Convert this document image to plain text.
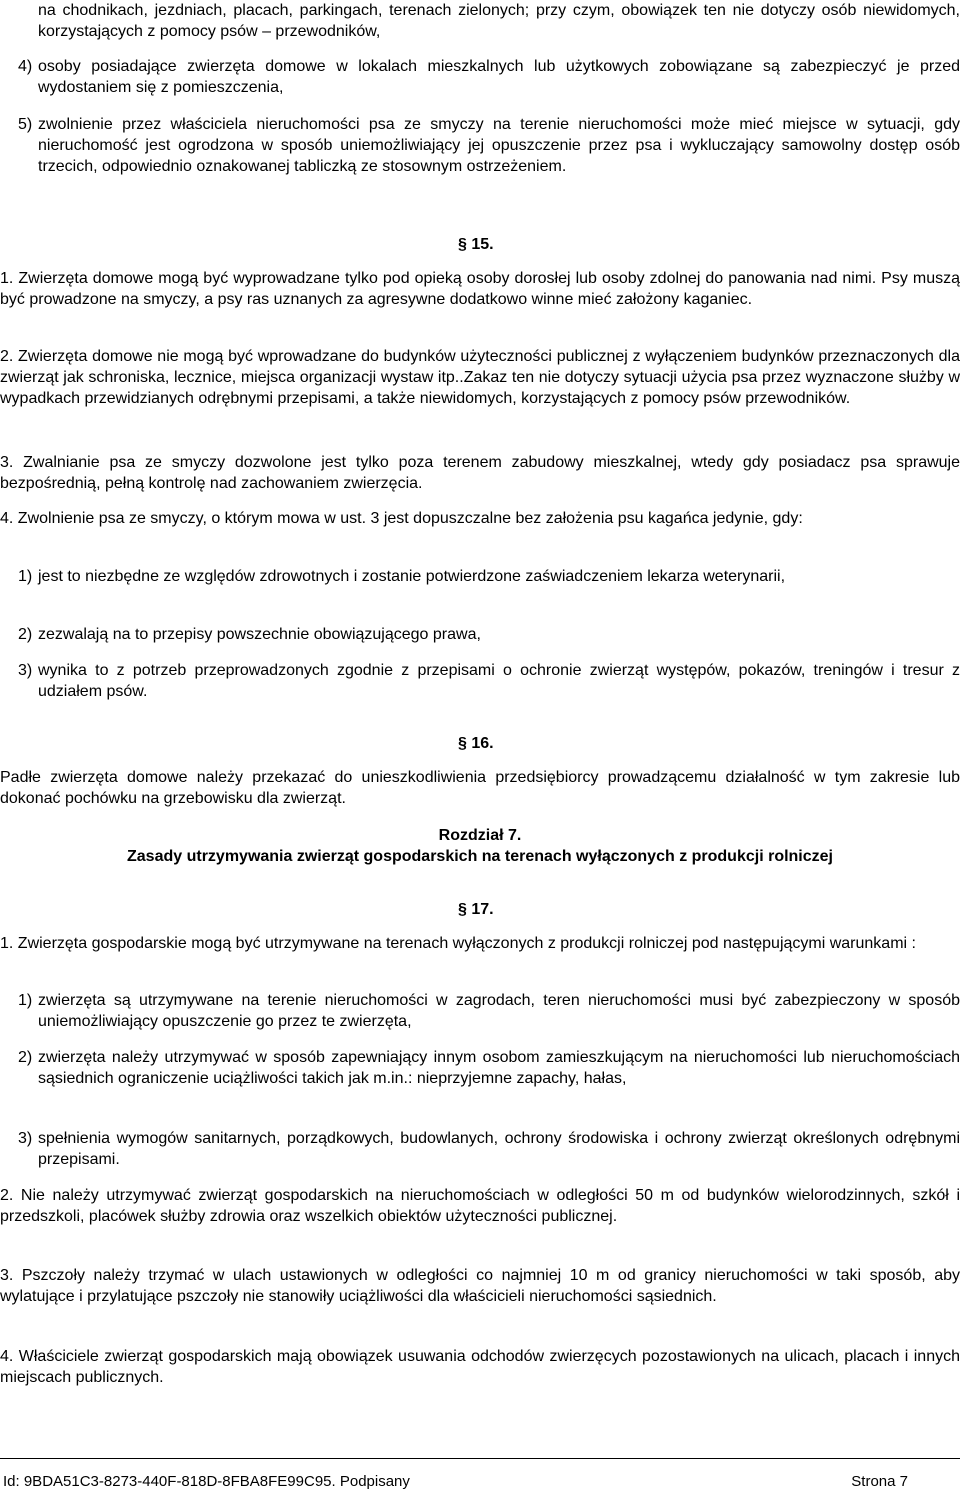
na chodnikach, jezdniach, placach, parkingach, terenach zielonych; przy czym, obowiązek ten nie dotyczy osób niewidomych, korzystających z pomocy psów – przewodników,

4) osoby posiadające zwierzęta domowe w lokalach mieszkalnych lub użytkowych zobowiązane są zabezpieczyć je przed wydostaniem się z pomieszczenia,

5) zwolnienie przez właściciela nieruchomości psa ze smyczy na terenie nieruchomości może mieć miejsce w sytuacji, gdy nieruchomość jest ogrodzona w sposób uniemożliwiający jej opuszczenie przez psa i wykluczający samowolny dostęp osób trzecich, odpowiednio oznakowanej tabliczką ze stosownym ostrzeżeniem.

§ 15.

1. Zwierzęta domowe mogą być wyprowadzane tylko pod opieką osoby dorosłej lub osoby zdolnej do panowania nad nimi. Psy muszą być prowadzone na smyczy, a psy ras uznanych za agresywne dodatkowo winne mieć założony kaganiec.

2. Zwierzęta domowe nie mogą być wprowadzane do budynków użyteczności publicznej z wyłączeniem budynków przeznaczonych dla zwierząt jak schroniska, lecznice, miejsca organizacji wystaw itp..Zakaz ten nie dotyczy sytuacji użycia psa przez wyznaczone służby w wypadkach przewidzianych odrębnymi przepisami, a także niewidomych, korzystających z pomocy psów przewodników.

3. Zwalnianie psa ze smyczy dozwolone jest tylko poza terenem zabudowy mieszkalnej, wtedy gdy posiadacz psa sprawuje bezpośrednią, pełną kontrolę nad zachowaniem zwierzęcia.

4. Zwolnienie psa ze smyczy, o którym mowa w ust. 3 jest dopuszczalne bez założenia psu kagańca jedynie, gdy:

1) jest to niezbędne ze względów zdrowotnych i zostanie potwierdzone zaświadczeniem lekarza weterynarii,

2) zezwalają na to przepisy powszechnie obowiązującego prawa,

3) wynika to z potrzeb przeprowadzonych zgodnie z przepisami o ochronie zwierząt występów, pokazów, treningów i tresur z udziałem psów.

§ 16.

Padłe zwierzęta domowe należy przekazać do unieszkodliwienia przedsiębiorcy prowadzącemu działalność w tym zakresie lub dokonać pochówku na grzebowisku dla zwierząt.

Rozdział 7.
Zasady utrzymywania zwierząt gospodarskich na terenach wyłączonych z produkcji rolniczej
§ 17.

1. Zwierzęta gospodarskie mogą być utrzymywane na terenach wyłączonych z produkcji rolniczej pod następującymi warunkami :

1) zwierzęta są utrzymywane na terenie nieruchomości w zagrodach, teren nieruchomości musi być zabezpieczony w sposób uniemożliwiający opuszczenie go przez te zwierzęta,

2) zwierzęta należy utrzymywać w sposób zapewniający innym osobom zamieszkującym na nieruchomości lub nieruchomościach sąsiednich ograniczenie uciążliwości takich jak m.in.: nieprzyjemne zapachy, hałas,

3) spełnienia wymogów sanitarnych, porządkowych, budowlanych, ochrony środowiska i ochrony zwierząt określonych odrębnymi przepisami.

2. Nie należy utrzymywać zwierząt gospodarskich na nieruchomościach w odległości 50 m od budynków wielorodzinnych, szkół i przedszkoli, placówek służby zdrowia oraz wszelkich obiektów użyteczności publicznej.

3. Pszczoły należy trzymać w ulach ustawionych w odległości co najmniej 10 m od granicy nieruchomości w taki sposób, aby wylatujące i przylatujące pszczoły nie stanowiły uciążliwości dla właścicieli nieruchomości sąsiednich.

4. Właściciele zwierząt gospodarskich mają obowiązek usuwania odchodów zwierzęcych pozostawionych na ulicach, placach i innych miejscach publicznych.

Id: 9BDA51C3-8273-440F-818D-8FBA8FE99C95. Podpisany	Strona 7
